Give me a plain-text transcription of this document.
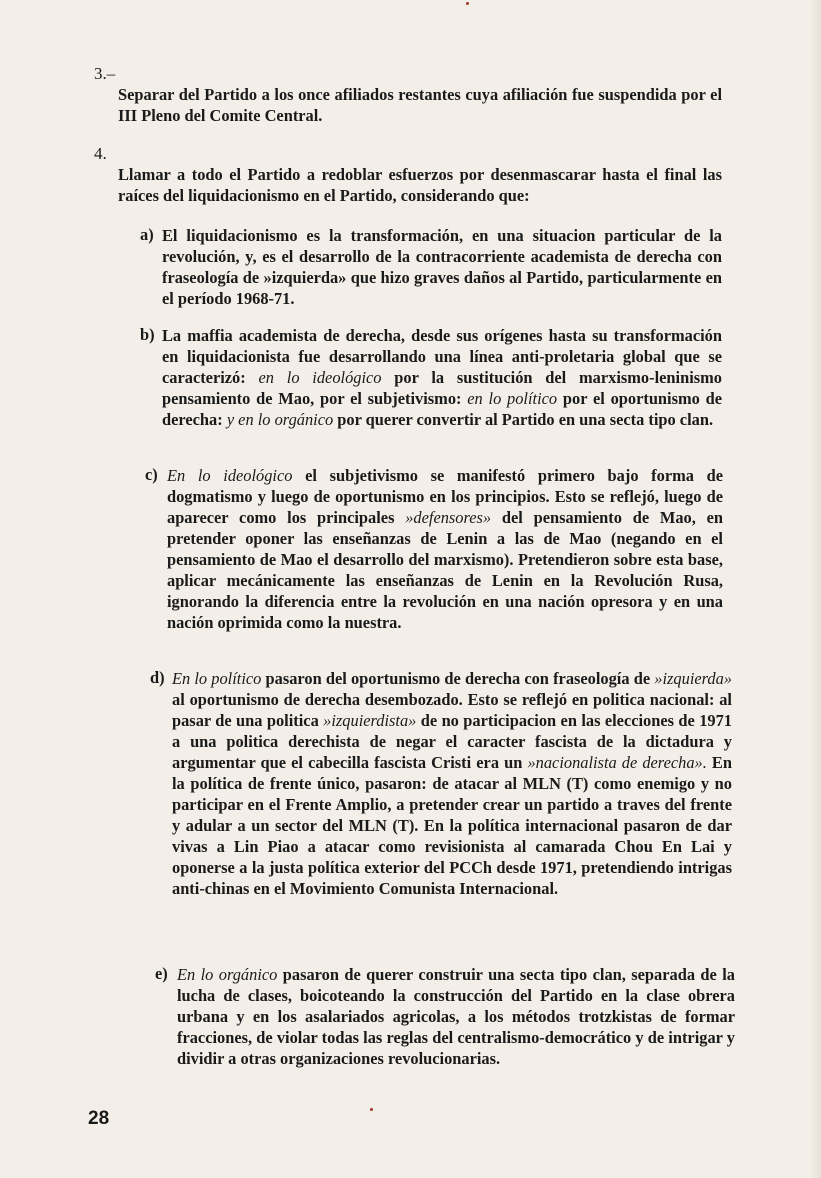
3.–
Separar del Partido a los once afiliados restantes cuya afiliación fue suspendida por el III Pleno del Comite Central.
4.
Llamar a todo el Partido a redoblar esfuerzos por desenmascarar hasta el final las raíces del liquidacionismo en el Partido, considerando que:
a) El liquidacionismo es la transformación, en una situacion particular de la revolución, y, es el desarrollo de la contracorriente academista de derecha con fraseología de »izquierda» que hizo graves daños al Partido, particularmente en el período 1968-71.
b) La maffia academista de derecha, desde sus orígenes hasta su transformación en liquidacionista fue desarrollando una línea anti-proletaria global que se caracterizó: en lo ideológico por la sustitución del marxismo-leninismo pensamiento de Mao, por el subjetivismo: en lo político por el oportunismo de derecha: y en lo orgánico por querer convertir al Partido en una secta tipo clan.
c) En lo ideológico el subjetivismo se manifestó primero bajo forma de dogmatismo y luego de oportunismo en los principios. Esto se reflejó, luego de aparecer como los principales »defensores» del pensamiento de Mao, en pretender oponer las enseñanzas de Lenin a las de Mao (negando en el pensamiento de Mao el desarrollo del marxismo). Pretendieron sobre esta base, aplicar mecánicamente las enseñanzas de Lenin en la Revolución Rusa, ignorando la diferencia entre la revolución en una nación opresora y en una nación oprimida como la nuestra.
d) En lo político pasaron del oportunismo de derecha con fraseología de »izquierda» al oportunismo de derecha desembozado. Esto se reflejó en politica nacional: al pasar de una politica »izquierdista» de no participacion en las elecciones de 1971 a una politica derechista de negar el caracter fascista de la dictadura y argumentar que el cabecilla fascista Cristi era un »nacionalista de derecha». En la política de frente único, pasaron: de atacar al MLN (T) como enemigo y no participar en el Frente Amplio, a pretender crear un partido a traves del frente y adular a un sector del MLN (T). En la política internacional pasaron de dar vivas a Lin Piao a atacar como revisionista al camarada Chou En Lai y oponerse a la justa política exterior del PCCh desde 1971, pretendiendo intrigas anti-chinas en el Movimiento Comunista Internacional.
e) En lo orgánico pasaron de querer construir una secta tipo clan, separada de la lucha de clases, boicoteando la construcción del Partido en la clase obrera urbana y en los asalariados agricolas, a los métodos trotzkistas de formar fracciones, de violar todas las reglas del centralismo-democrático y de intrigar y dividir a otras organizaciones revolucionarias.
28
